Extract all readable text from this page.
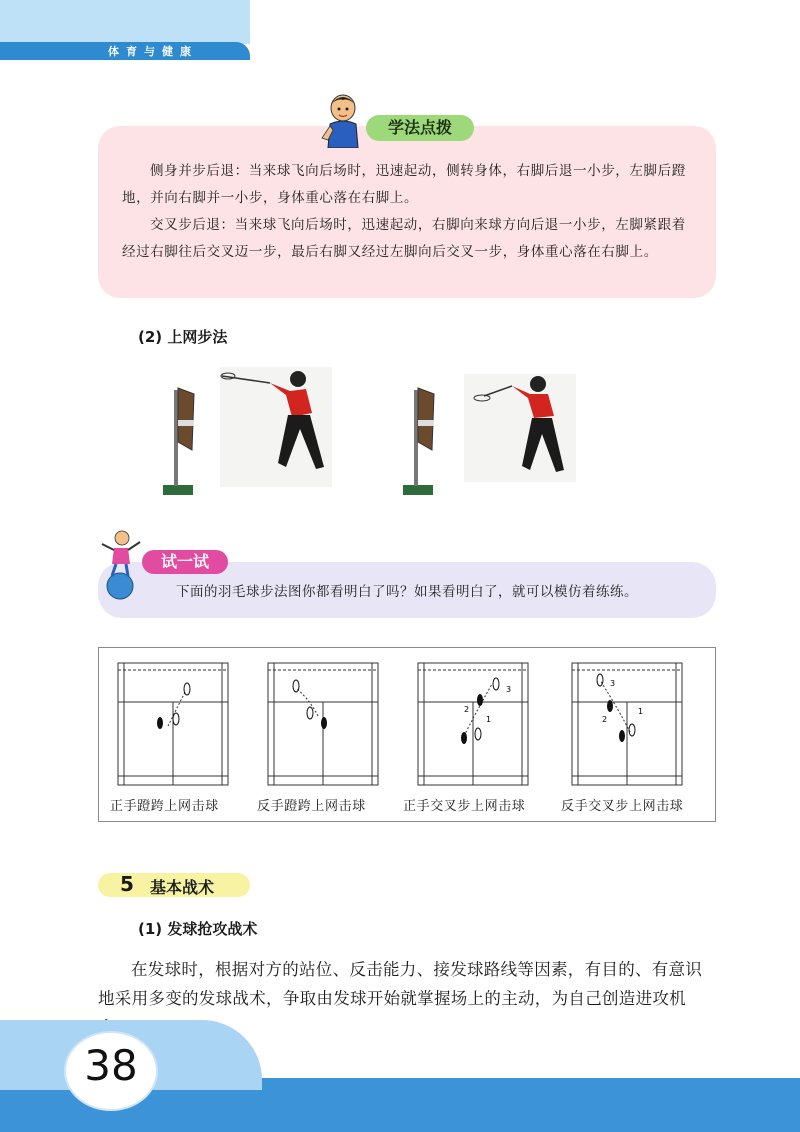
体育与健康
学法点拨
侧身并步后退：当来球飞向后场时，迅速起动，侧转身体，右脚后退一小步，左脚后蹬地，并向右脚并一小步，身体重心落在右脚上。
交叉步后退：当来球飞向后场时，迅速起动，右脚向来球方向后退一小步，左脚紧跟着经过右脚往后交叉迈一步，最后右脚又经过左脚向后交叉一步，身体重心落在右脚上。
(2) 上网步法
试一试
下面的羽毛球步法图你都看明白了吗？如果看明白了，就可以模仿着练练。
3
2
1
3
2
1
正手蹬跨上网击球	反手蹬跨上网击球	正手交叉步上网击球	反手交叉步上网击球
5 基本战术
(1) 发球抢攻战术
在发球时，根据对方的站位、反击能力、接发球路线等因素，有目的、有意识地采用多变的发球战术，争取由发球开始就掌握场上的主动，为自己创造进攻机
38
